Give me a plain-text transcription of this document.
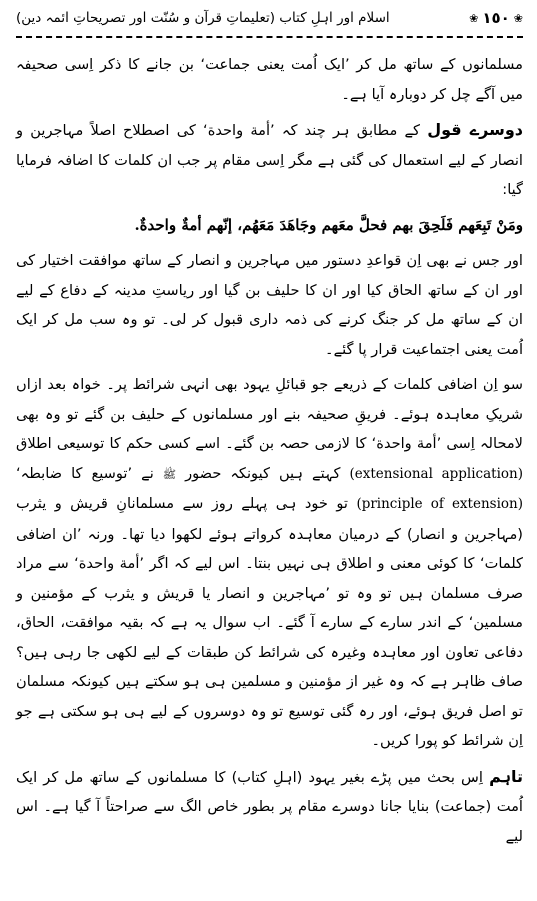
❀
١٥٠
❀
اسلام اور اہلِ کتاب (تعلیماتِ قرآن و سُنّت اور تصریحاتِ ائمہ دین)

مسلمانوں کے ساتھ مل کر ’ایک اُمت یعنی جماعت‘ بن جانے کا ذکر اِسی صحیفہ میں آگے چل کر دوبارہ آیا ہے۔

دوسرے قول کے مطابق ہر چند کہ ’أمة واحدة‘ کی اصطلاح اصلاً مہاجرین و انصار کے لیے استعمال کی گئی ہے مگر اِسی مقام پر جب ان کلمات کا اضافہ فرمایا گیا:

ومَنْ تَبِعَهم فَلَحِقَ بهم فحلَّ معَهم وجَاهَدَ مَعَهُم، إنّهم أمةٌ واحدةٌ.

اور جس نے بھی اِن قواعدِ دستور میں مہاجرین و انصار کے ساتھ موافقت اختیار کی اور ان کے ساتھ الحاق کیا اور ان کا حلیف بن گیا اور ریاستِ مدینہ کے دفاع کے لیے ان کے ساتھ مل کر جنگ کرنے کی ذمہ داری قبول کر لی۔ تو وہ سب مل کر ایک اُمت یعنی اجتماعیت قرار پا گئے۔

سو اِن اضافی کلمات کے ذریعے جو قبائلِ یہود بھی انہی شرائط پر۔ خواہ بعد ازاں شریکِ معاہدہ ہوئے۔ فریقِ صحیفہ بنے اور مسلمانوں کے حلیف بن گئے تو وہ بھی لامحالہ اِسی ’أمة واحدة‘ کا لازمی حصہ بن گئے۔ اسے کسی حکم کا توسیعی اطلاق (extensional application) کہتے ہیں کیونکہ حضور ﷺ نے ’توسیع کا ضابطہ‘ (principle of extension) تو خود ہی پہلے روز سے مسلمانانِ قریش و یثرب (مہاجرین و انصار) کے درمیان معاہدہ کرواتے ہوئے لکھوا دیا تھا۔ ورنہ ’ان اضافی کلمات‘ کا کوئی معنی و اطلاق ہی نہیں بنتا۔ اس لیے کہ اگر ’أمة واحدة‘ سے مراد صرف مسلمان ہیں تو وہ تو ’مہاجرین و انصار یا قریش و یثرب کے مؤمنین و مسلمین‘ کے اندر سارے کے سارے آ گئے۔ اب سوال یہ ہے کہ بقیہ موافقت، الحاق، دفاعی تعاون اور معاہدہ وغیرہ کی شرائط کن طبقات کے لیے لکھی جا رہی ہیں؟ صاف ظاہر ہے کہ وہ غیر از مؤمنین و مسلمین ہی ہو سکتے ہیں کیونکہ مسلمان تو اصل فریق ہوئے، اور رہ گئی توسیع تو وہ دوسروں کے لیے ہی ہو سکتی ہے جو اِن شرائط کو پورا کریں۔

تاہم اِس بحث میں پڑے بغیر یہود (اہلِ کتاب) کا مسلمانوں کے ساتھ مل کر ایک اُمت (جماعت) بنایا جانا دوسرے مقام پر بطور خاص الگ سے صراحتاً آ گیا ہے۔ اس لیے
